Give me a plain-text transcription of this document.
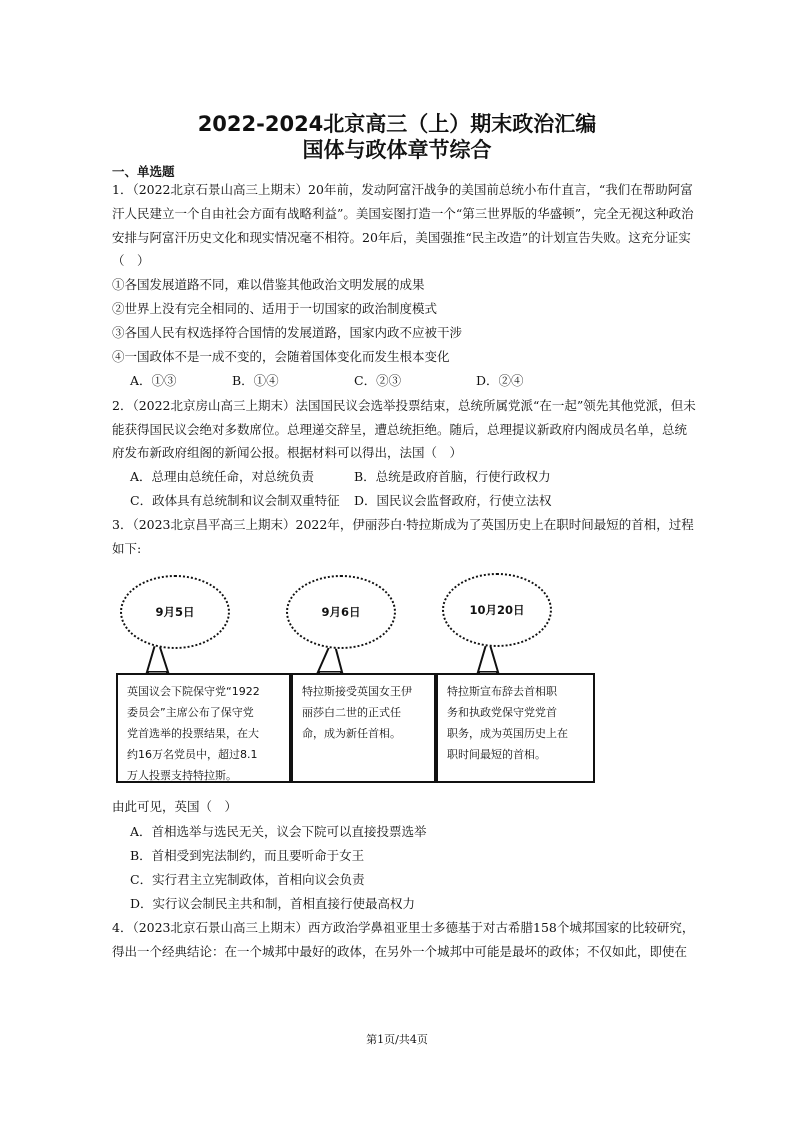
2022-2024北京高三（上）期末政治汇编
国体与政体章节综合
一、单选题
1．（2022北京石景山高三上期末）20年前，发动阿富汗战争的美国前总统小布什直言，“我们在帮助阿富
汗人民建立一个自由社会方面有战略利益”。美国妄图打造一个“第三世界版的华盛顿”，完全无视这种政治
安排与阿富汗历史文化和现实情况毫不相符。20年后，美国强推“民主改造”的计划宣告失败。这充分证实
（　）
①各国发展道路不同，难以借鉴其他政治文明发展的成果
②世界上没有完全相同的、适用于一切国家的政治制度模式
③各国人民有权选择符合国情的发展道路，国家内政不应被干涉
④一国政体不是一成不变的，会随着国体变化而发生根本变化
A．①③	B．①④	C．②③	D．②④
2．（2022北京房山高三上期末）法国国民议会选举投票结束，总统所属党派“在一起”领先其他党派，但未
能获得国民议会绝对多数席位。总理递交辞呈，遭总统拒绝。随后，总理提议新政府内阁成员名单，总统
府发布新政府组阁的新闻公报。根据材料可以得出，法国（　）
A．总理由总统任命，对总统负责	B．总统是政府首脑，行使行政权力
C．政体具有总统制和议会制双重特征 D．国民议会监督政府，行使立法权
3．（2023北京昌平高三上期末）2022年，伊丽莎白·特拉斯成为了英国历史上在职时间最短的首相，过程
如下:
9月5日	9月6日	10月20日
英国议会下院保守党“1922
委员会”主席公布了保守党
党首选举的投票结果，在大
约16万名党员中，超过8.1
万人投票支持特拉斯。
特拉斯接受英国女王伊
丽莎白二世的正式任
命，成为新任首相。
特拉斯宣布辞去首相职
务和执政党保守党党首
职务，成为英国历史上在
职时间最短的首相。
由此可见，英国（　）
A．首相选举与选民无关，议会下院可以直接投票选举
B．首相受到宪法制约，而且要听命于女王
C．实行君主立宪制政体，首相向议会负责
D．实行议会制民主共和制，首相直接行使最高权力
4．（2023北京石景山高三上期末）西方政治学鼻祖亚里士多德基于对古希腊158个城邦国家的比较研究，
得出一个经典结论：在一个城邦中最好的政体，在另外一个城邦中可能是最坏的政体；不仅如此，即使在
第1页/共4页
